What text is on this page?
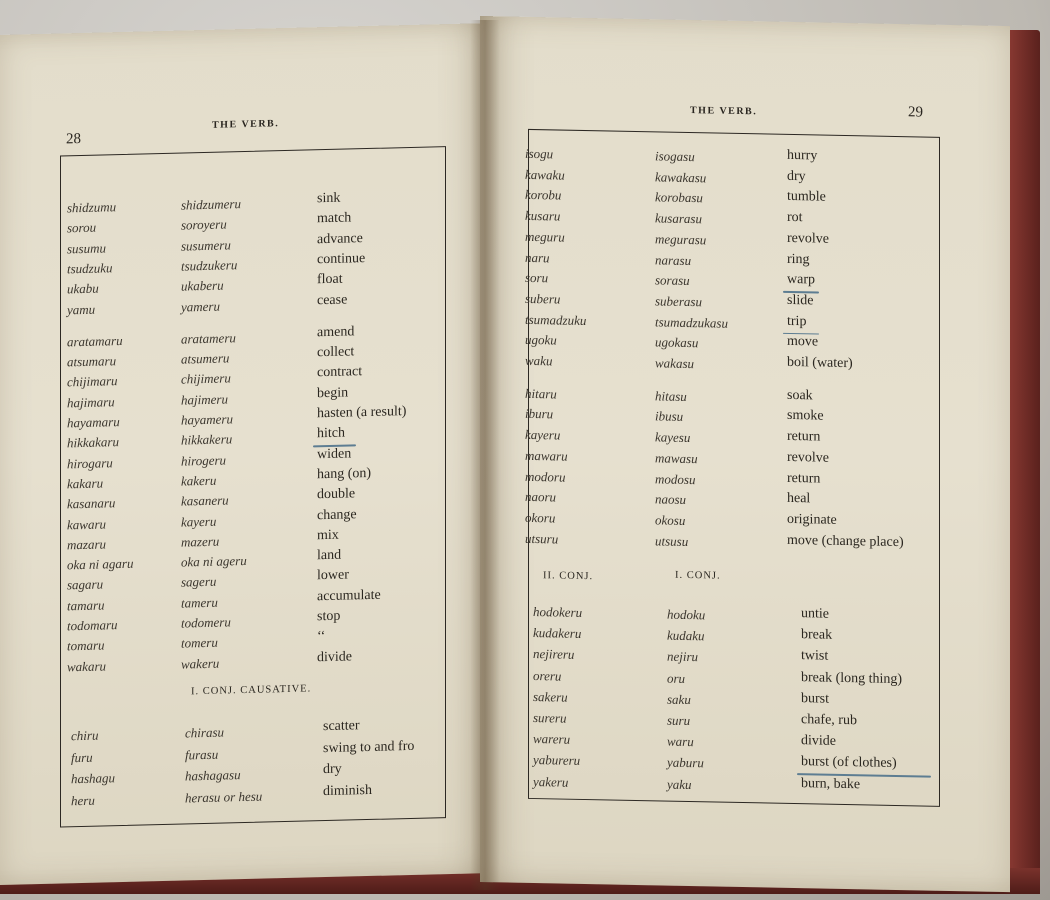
28
THE VERB.
shidzumu	shidzumeru	sink
sorou	soroyeru	match
susumu	susumeru	advance
tsudzuku	tsudzukeru	continue
ukabu	ukaberu	float
yamu	yameru	cease
aratamaru	aratameru	amend
atsumaru	atsumeru	collect
chijimaru	chijimeru	contract
hajimaru	hajimeru	begin
hayamaru	hayameru	hasten (a result)
hikkakaru	hikkakeru	hitch
hirogaru	hirogeru	widen
kakaru	kakeru	hang (on)
kasanaru	kasaneru	double
kawaru	kayeru	change
mazaru	mazeru	mix
oka ni agaru	oka ni ageru	land
sagaru	sageru	lower
tamaru	tameru	accumulate
todomaru	todomeru	stop
tomaru	tomeru	‘‘
wakaru	wakeru	divide
I. CONJ. CAUSATIVE.
chiru	chirasu	scatter
furu	furasu	swing to and fro
hashagu	hashagasu	dry
heru	herasu or hesu	diminish
THE VERB.	29
isogu	isogasu	hurry
kawaku	kawakasu	dry
korobu	korobasu	tumble
kusaru	kusarasu	rot
meguru	megurasu	revolve
naru	narasu	ring
soru	sorasu	warp
suberu	suberasu	slide
tsumadzuku	tsumadzukasu	trip
ugoku	ugokasu	move
waku	wakasu	boil (water)
hitaru	hitasu	soak
iburu	ibusu	smoke
kayeru	kayesu	return
mawaru	mawasu	revolve
modoru	modosu	return
naoru	naosu	heal
okoru	okosu	originate
utsuru	utsusu	move (change place)
II. CONJ.	I. CONJ.
hodokeru	hodoku	untie
kudakeru	kudaku	break
nejireru	nejiru	twist
oreru	oru	break (long thing)
sakeru	saku	burst
sureru	suru	chafe, rub
wareru	waru	divide
yabureru	yaburu	burst (of clothes)
yakeru	yaku	burn, bake
